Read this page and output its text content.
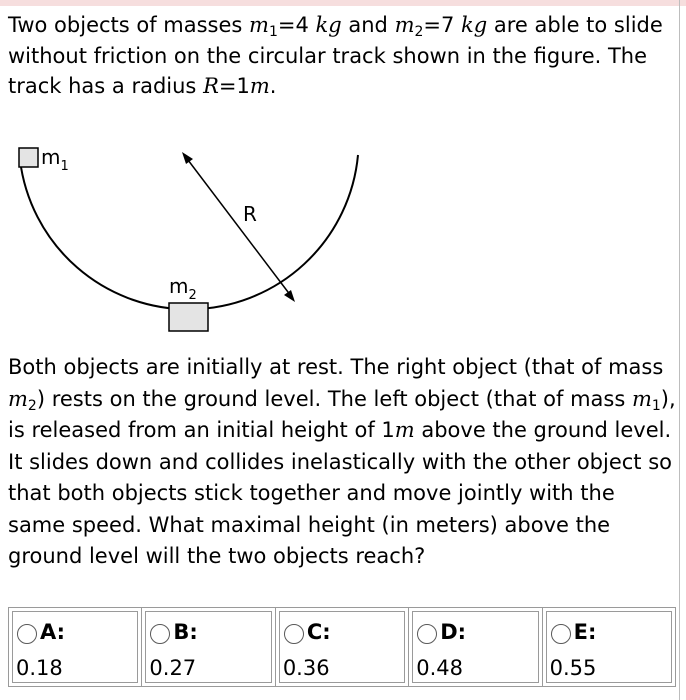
Two objects of masses $m_1=4$ kg and $m_2=7$ kg are able to slide without friction on the circular track shown in the figure. The track has a radius R=1m.
$m_1$
$m_2$
R
Both objects are initially at rest. The right object (that of mass $m_2$) rests on the ground level. The left object (that of mass $m_1$), is released from an initial height of 1m above the ground level. It slides down and collides inelastically with the other object so that both objects stick together and move jointly with the same speed. What maximal height (in meters) above the ground level will the two objects reach?
A:
0.18
B:
0.27
C:
0.36
D:
0.48
E:
0.55
